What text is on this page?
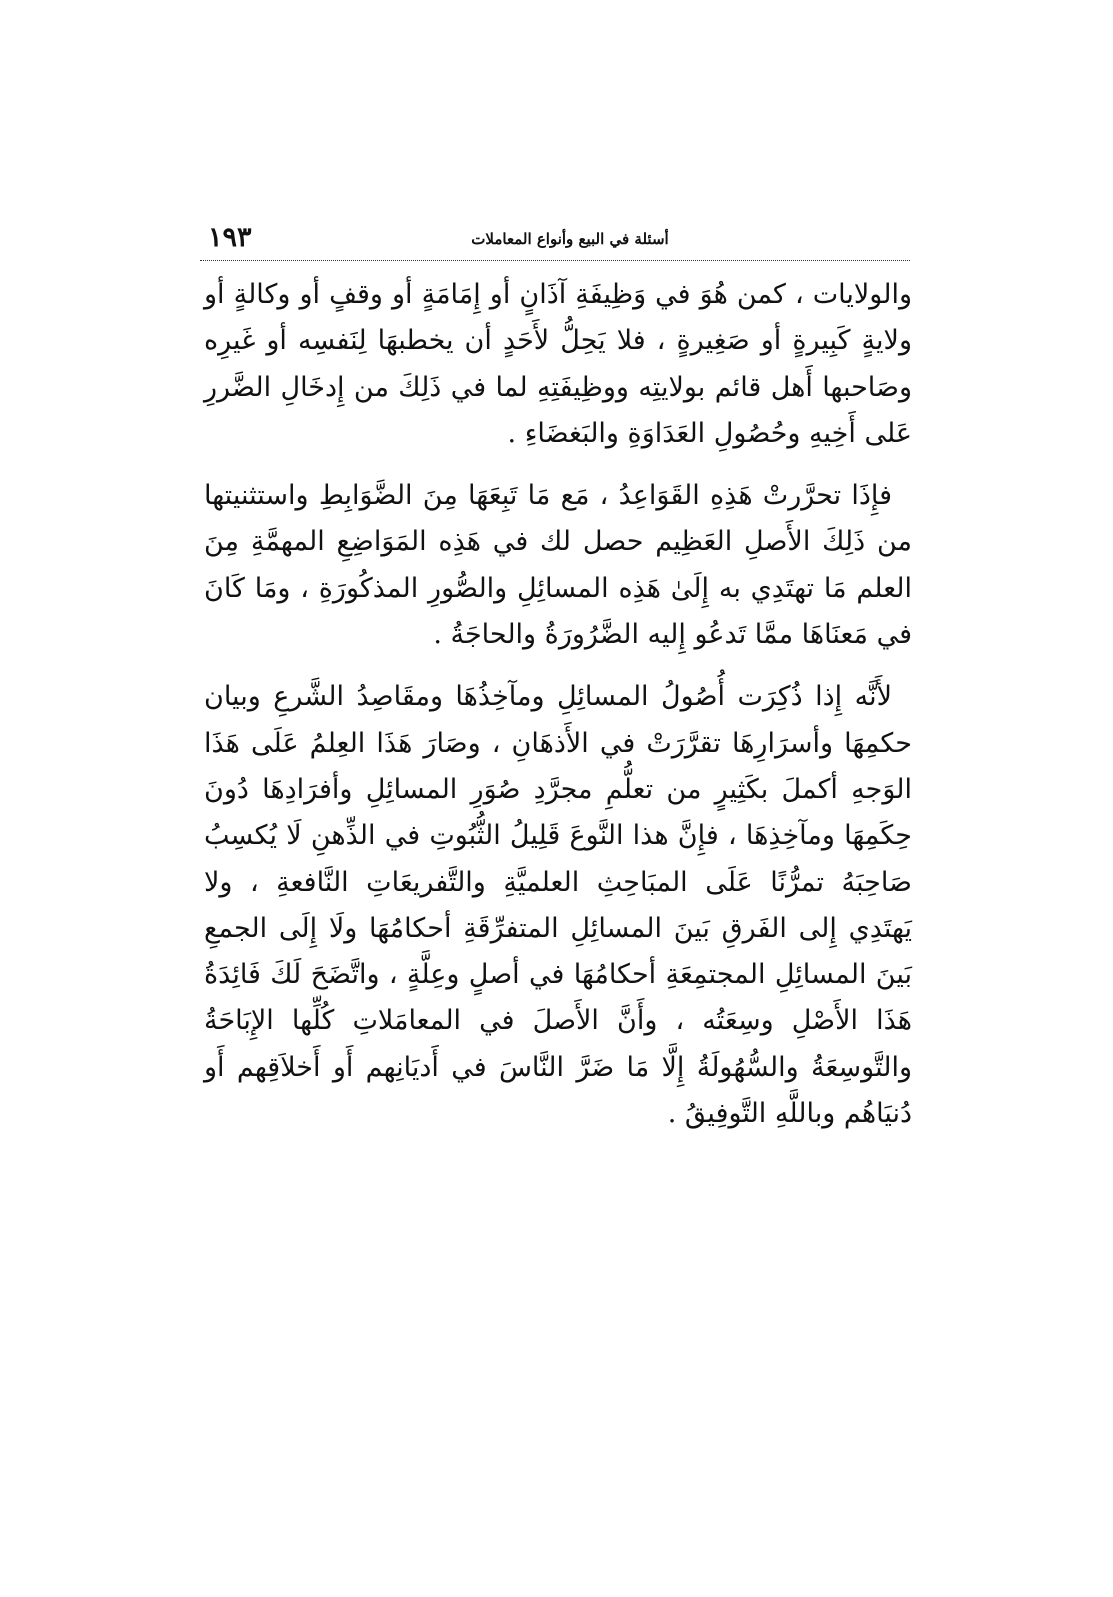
١٩٣	أسئلة في البيع وأنواع المعاملات

والولايات ، كمن هُوَ في وَظِيفَةِ آذَانٍ أو إِمَامَةٍ أو وقفٍ أو وكالةٍ أو ولايةٍ كَبِيرةٍ أو صَغِيرةٍ ، فلا يَحِلُّ لأَحَدٍ أن يخطبهَا لِنَفسِه أو غَيرِه وصَاحبها أَهل قائم بولايتِه ووظِيفَتِهِ لما في ذَلِكَ من إِدخَالِ الضَّررِ عَلى أَخِيهِ وحُصُولِ العَدَاوَةِ والبَغضَاءِ .

فإِذَا تحرَّرتْ هَذِهِ القَوَاعِدُ ، مَع مَا تَبِعَهَا مِنَ الضَّوَابِطِ واستثنيتها من ذَلِكَ الأَصلِ العَظِيم حصل لك في هَذِه المَوَاضِعِ المهمَّةِ مِنَ العلم مَا تهتَدِي به إِلَىٰ هَذِه المسائِلِ والصُّورِ المذكُورَةِ ، ومَا كَانَ في مَعنَاهَا ممَّا تَدعُو إِليه الضَّرُورَةُ والحاجَةُ .

لأَنَّه إِذا ذُكِرَت أُصُولُ المسائِلِ ومآخِذُهَا ومقَاصِدُ الشَّرعِ وبيان حكمِهَا وأسرَارِهَا تقرَّرَتْ في الأَذهَانِ ، وصَارَ هَذَا العِلمُ عَلَى هَذَا الوَجهِ أكملَ بكَثِيرٍ من تعلُّمِ مجرَّدِ صُوَرِ المسائِلِ وأفرَادِهَا دُونَ حِكَمِهَا ومآخِذِهَا ، فإِنَّ هذا النَّوعَ قَلِيلُ الثُّبُوتِ في الذِّهنِ لَا يُكسِبُ صَاحِبَهُ تمرُّنًا عَلَى المبَاحِثِ العلميَّةِ والتَّفريعَاتِ النَّافعةِ ، ولا يَهتَدِي إِلى الفَرقِ بَينَ المسائِلِ المتفرِّقَةِ أحكامُهَا ولَا إِلَى الجمعِ بَينَ المسائِلِ المجتمِعَةِ أحكامُهَا في أصلٍ وعِلَّةٍ ، واتَّضَحَ لَكَ فَائِدَةُ هَذَا الأَصْلِ وسِعَتُه ، وأَنَّ الأَصلَ في المعامَلاتِ كُلِّها الإِبَاحَةُ والتَّوسِعَةُ والسُّهُولَةُ إِلَّا مَا ضَرَّ النَّاسَ في أَديَانِهم أَو أَخلاَقِهم أَو دُنيَاهُم وباللَّهِ التَّوفِيقُ .
